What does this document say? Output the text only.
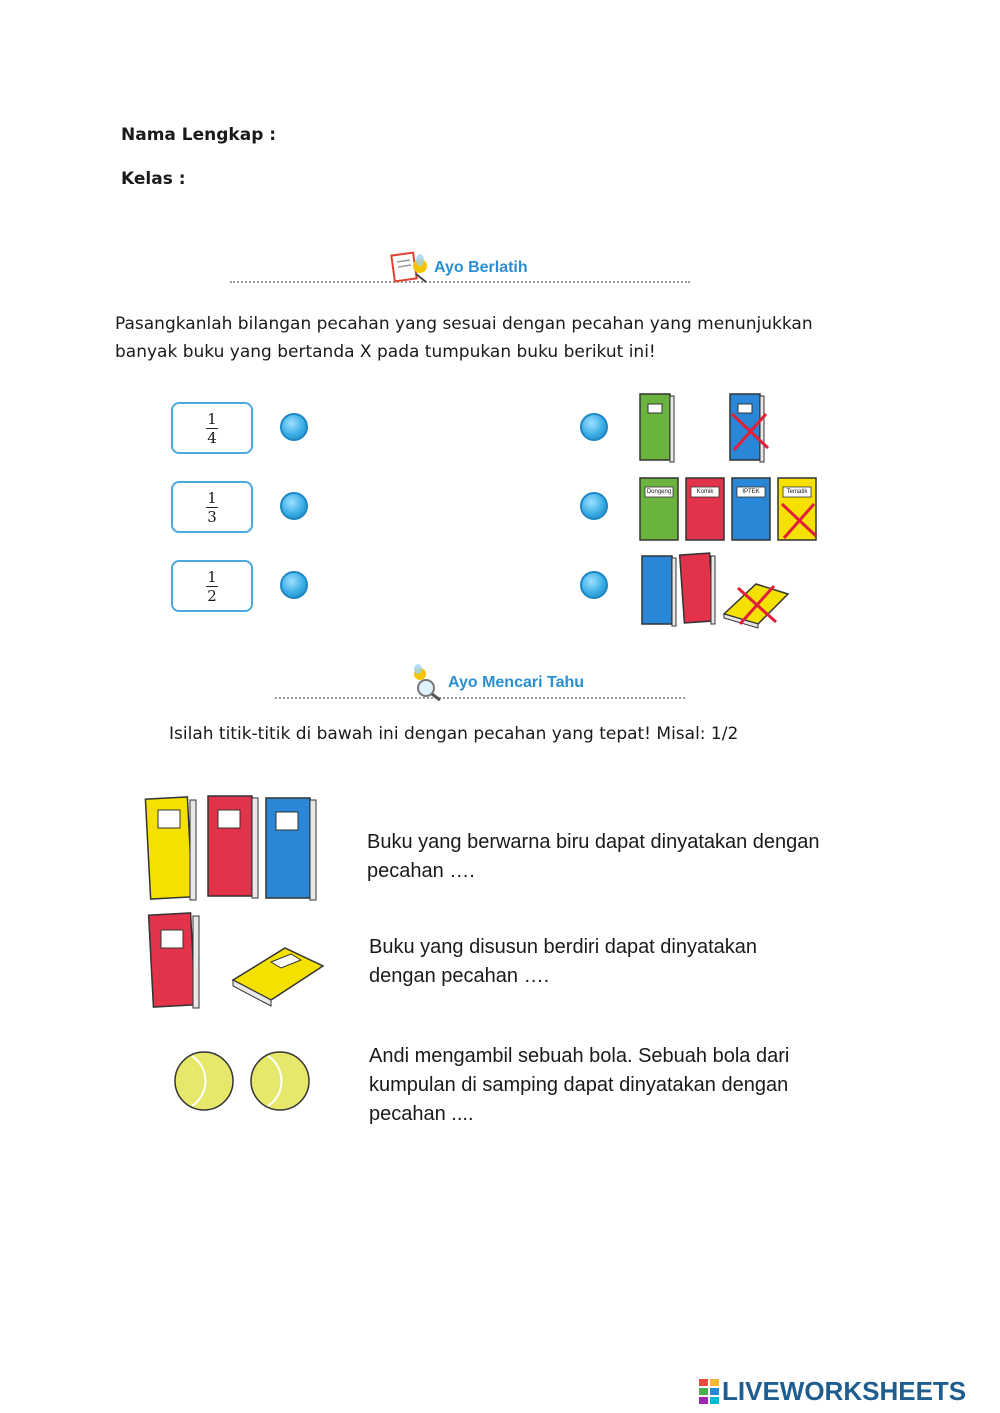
Nama Lengkap :
Kelas :
Ayo Berlatih
Pasangkanlah bilangan pecahan yang sesuai dengan pecahan yang menunjukkan
banyak buku yang bertanda X pada tumpukan buku berikut ini!
$\frac{1}{4}$
$\frac{1}{3}$
$\frac{1}{2}$
Dongeng	Komik	IPTEK	Tematik
Ayo Mencari Tahu
Isilah titik-titik di bawah ini dengan pecahan yang tepat! Misal: 1/2
Buku yang berwarna biru dapat dinyatakan dengan
pecahan ….
Buku yang disusun berdiri dapat dinyatakan
dengan pecahan ….
Andi mengambil sebuah bola. Sebuah bola dari
kumpulan di samping dapat dinyatakan dengan
pecahan ....
LIVEWORKSHEETS
